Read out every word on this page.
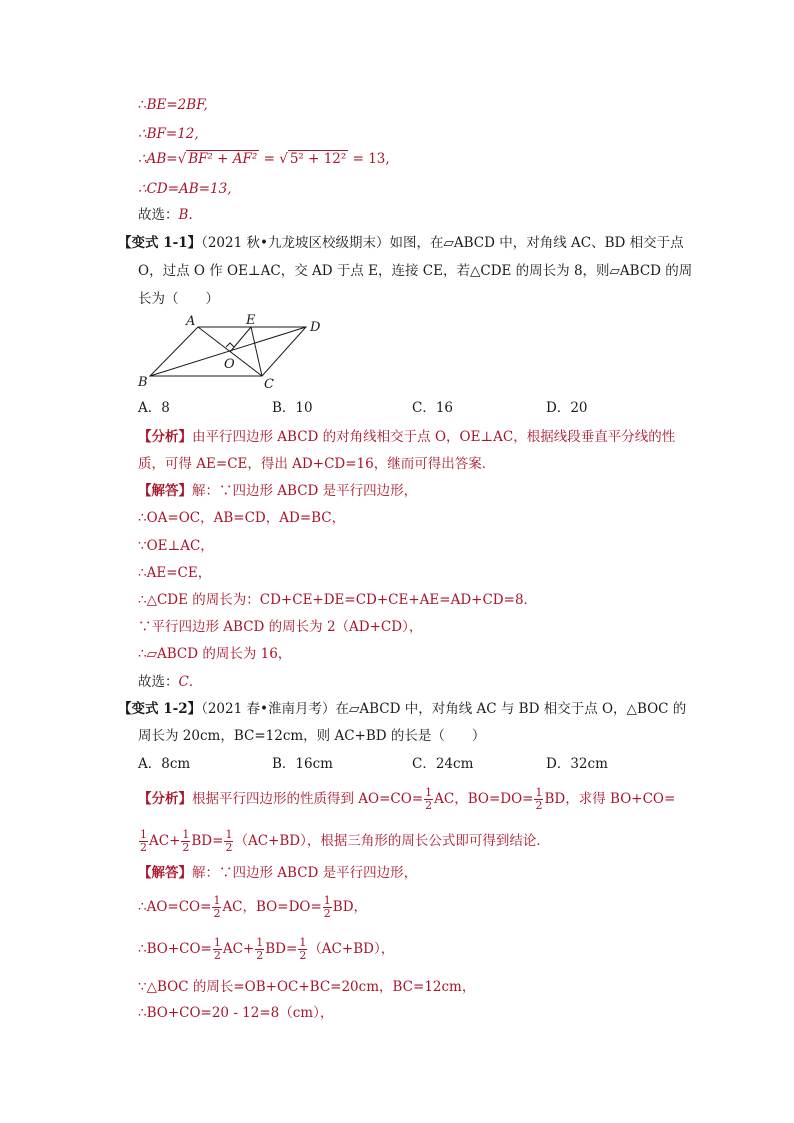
∴BE=2BF,
∴BF=12,
∴AB=√ BF² + AF² = √ 5² + 12² = 13,
∴CD=AB=13,
故选：B.
【变式 1-1】（2021 秋•九龙坡区校级期末）如图，在▱ABCD 中，对角线 AC、BD 相交于点
O，过点 O 作 OE⊥AC，交 AD 于点 E，连接 CE，若△CDE 的周长为 8，则▱ABCD 的周
长为（　　）
A	E	D
B	C
O
A．8	B．10	C．16	D．20
【分析】由平行四边形 ABCD 的对角线相交于点 O，OE⊥AC，根据线段垂直平分线的性
质，可得 AE=CE，得出 AD+CD=16，继而可得出答案．
【解答】解：∵四边形 ABCD 是平行四边形，
∴OA=OC，AB=CD，AD=BC，
∵OE⊥AC，
∴AE=CE，
∴△CDE 的周长为：CD+CE+DE=CD+CE+AE=AD+CD=8．
∵平行四边形 ABCD 的周长为 2（AD+CD），
∴▱ABCD 的周长为 16，
故选：C．
【变式 1-2】（2021 春•淮南月考）在▱ABCD 中，对角线 AC 与 BD 相交于点 O，△BOC 的
周长为 20cm，BC=12cm，则 AC+BD 的长是（　　）
A．8cm	B．16cm	C．24cm	D．32cm
【分析】根据平行四边形的性质得到 $AO=CO= \frac{1}{2}$ AC，$BO=DO= \frac{1}{2}$ BD，求得 BO+CO=
$\frac{1}{2} AC+ \frac{1}{2} BD= \frac{1}{2} (AC+BD)$，根据三角形的周长公式即可得到结论．
【解答】解：∵四边形 ABCD 是平行四边形，
∴AO=CO= $\frac{1}{2}$ AC，$BO=DO= \frac{1}{2}$ BD，
∴BO+CO= $\frac{1}{2} AC+ \frac{1}{2} BD= \frac{1}{2} (AC+BD)$，
∵△BOC 的周长=OB+OC+BC=20cm，BC=12cm，
∴BO+CO=20 - 12=8（cm），
